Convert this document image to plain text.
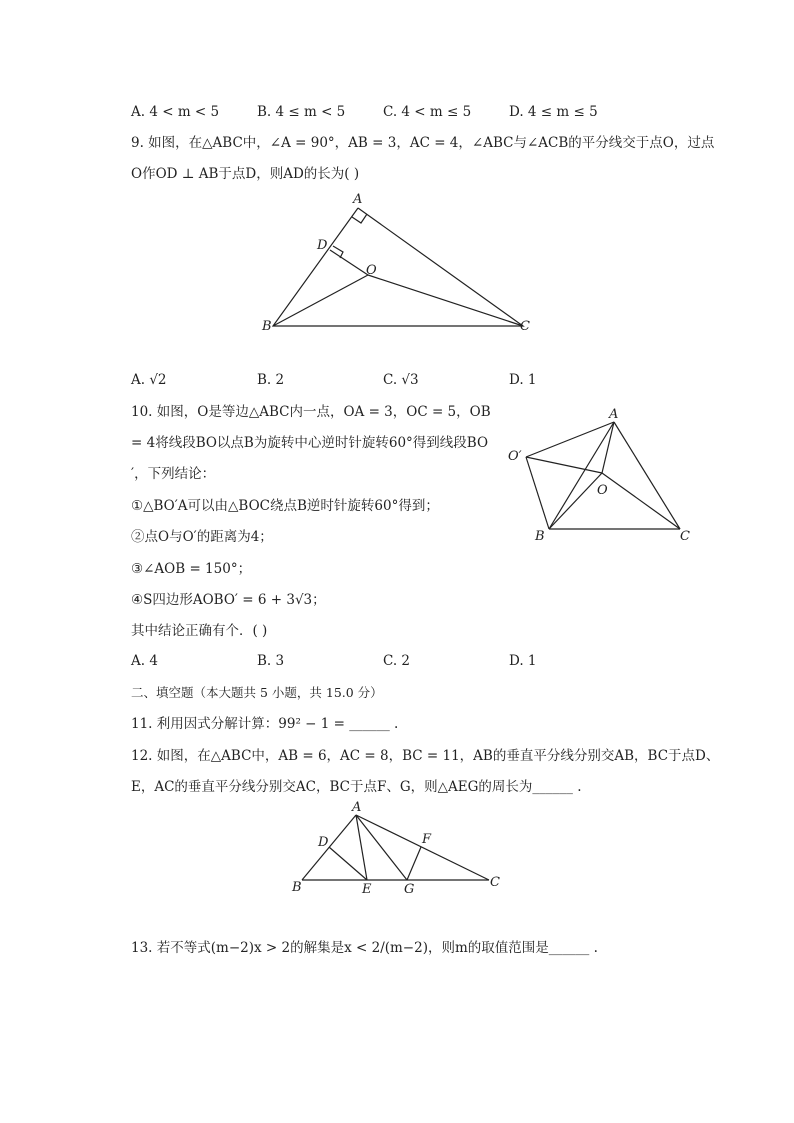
A. 4 < m < 5	B. 4 ≤ m < 5	C. 4 < m ≤ 5	D. 4 ≤ m ≤ 5
9. 如图，在△ABC中，∠A = 90°，AB = 3，AC = 4，∠ABC与∠ACB的平分线交于点O，过点
O作OD ⊥ AB于点D，则AD的长为( )
A
B	C
D
O
A
B	C
O
O′
A
B	C
D
E
F
G
A. √2	B. 2	C. √3	D. 1
10. 如图，O是等边△ABC内一点，OA = 3，OC = 5，OB
= 4将线段BO以点B为旋转中心逆时针旋转60°得到线段BO
′，下列结论：
①△BO′A可以由△BOC绕点B逆时针旋转60°得到；
②点O与O′的距离为4；
③∠AOB = 150°；
④S四边形AOBO′ = 6 + 3√3；
其中结论正确有个．( )
A. 4	B. 3	C. 2	D. 1
二、填空题（本大题共 5 小题，共 15.0 分）
11. 利用因式分解计算：99² − 1 = ______ .
12. 如图，在△ABC中，AB = 6，AC = 8，BC = 11，AB的垂直平分线分别交AB，BC于点D、
E，AC的垂直平分线分别交AC，BC于点F、G，则△AEG的周长为______ .
13. 若不等式(m−2)x > 2的解集是x < 2/(m−2)，则m的取值范围是______ .
